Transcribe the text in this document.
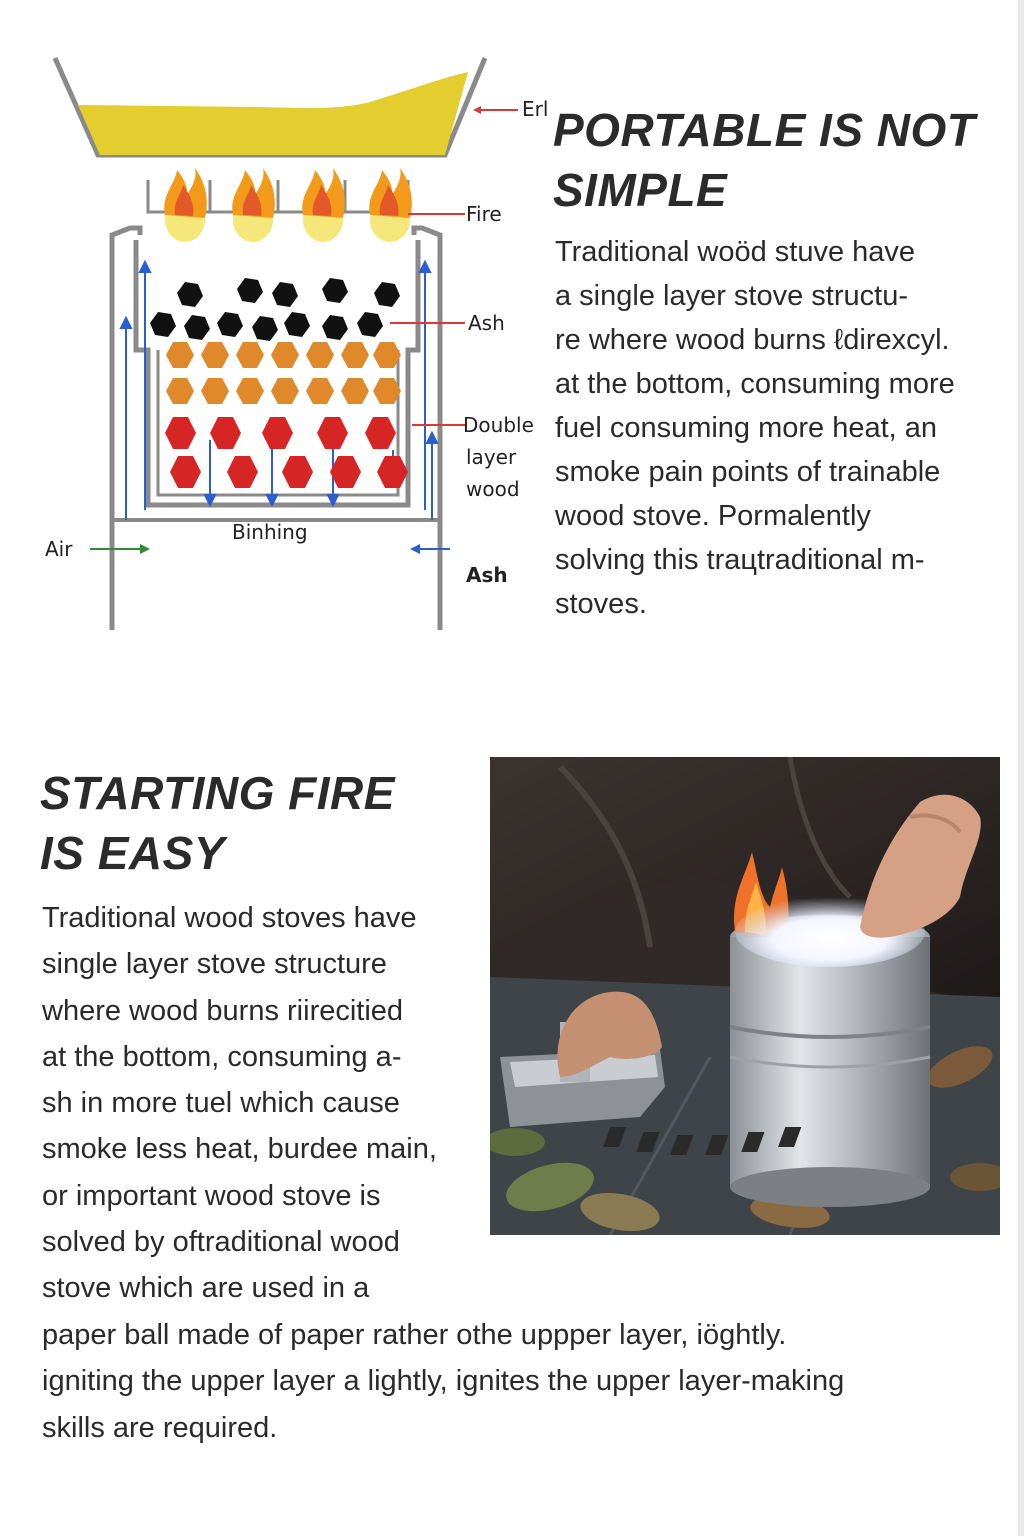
Erl
Fire
Ash
Double
layer
wood
Binhing
Air
Ash
PORTABLE IS NOT
SIMPLE

Traditional woöd stuve have
a single layer stove structu-
re where wood burns ℓdirexcyl.
at the bottom, consuming more
fuel consuming more heat, an
smoke pain points of trainable
wood stove. Pormalently
solving this traцtraditional m-
stoves.

STARTING FIRE
IS EASY

Traditional wood stoves have
single layer stove structure
where wood burns riirecitied
at the bottom, consuming a-
sh in more tuel which cause
smoke less heat, burdee main,
or important wood stove is
solved by oftraditional wood
stove which are used in a

paper ball made of paper rather othe uppper layer, iöghtly.
igniting the upper layer a lightly, ignites the upper layer-making
skills are required.
